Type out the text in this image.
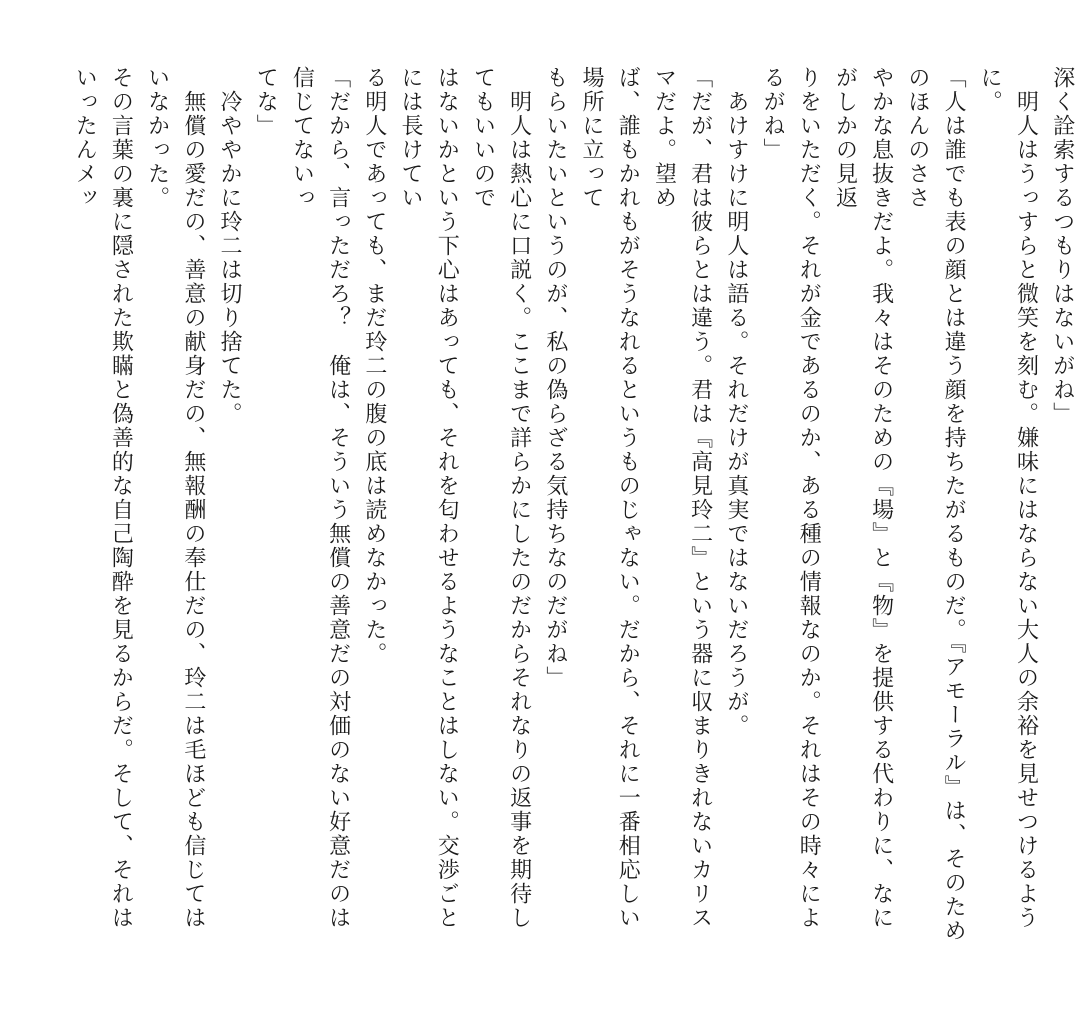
深く詮索するつもりはないがね」
　明人はうっすらと微笑を刻む。嫌味にはならない大人の余裕を見せつけるように。
「人は誰でも表の顔とは違う顔を持ちたがるものだ。『アモーラル』は、そのためのほんのささ
やかな息抜きだよ。我々はそのための『場』と『物』を提供する代わりに、なにがしかの見返
りをいただく。それが金であるのか、ある種の情報なのか。それはその時々によるがね」
　あけすけに明人は語る。それだけが真実ではないだろうが。
「だが、君は彼らとは違う。君は『高見玲二』という器に収まりきれないカリスマだよ。望め
ば、誰もかれもがそうなれるというものじゃない。だから、それに一番相応しい場所に立って
もらいたいというのが、私の偽らざる気持ちなのだがね」
　明人は熱心に口説く。ここまで詳らかにしたのだからそれなりの返事を期待してもいいので
はないかという下心はあっても、それを匂わせるようなことはしない。交渉ごとには長けてい
る明人であっても、まだ玲二の腹の底は読めなかった。
「だから、言っただろ？　俺は、そういう無償の善意だの対価のない好意だのは信じてないっ
てな」
　冷ややかに玲二は切り捨てた。
　無償の愛だの、善意の献身だの、無報酬の奉仕だの、玲二は毛ほども信じてはいなかった。
その言葉の裏に隠された欺瞞と偽善的な自己陶酔を見るからだ。そして、それはいったんメッ
